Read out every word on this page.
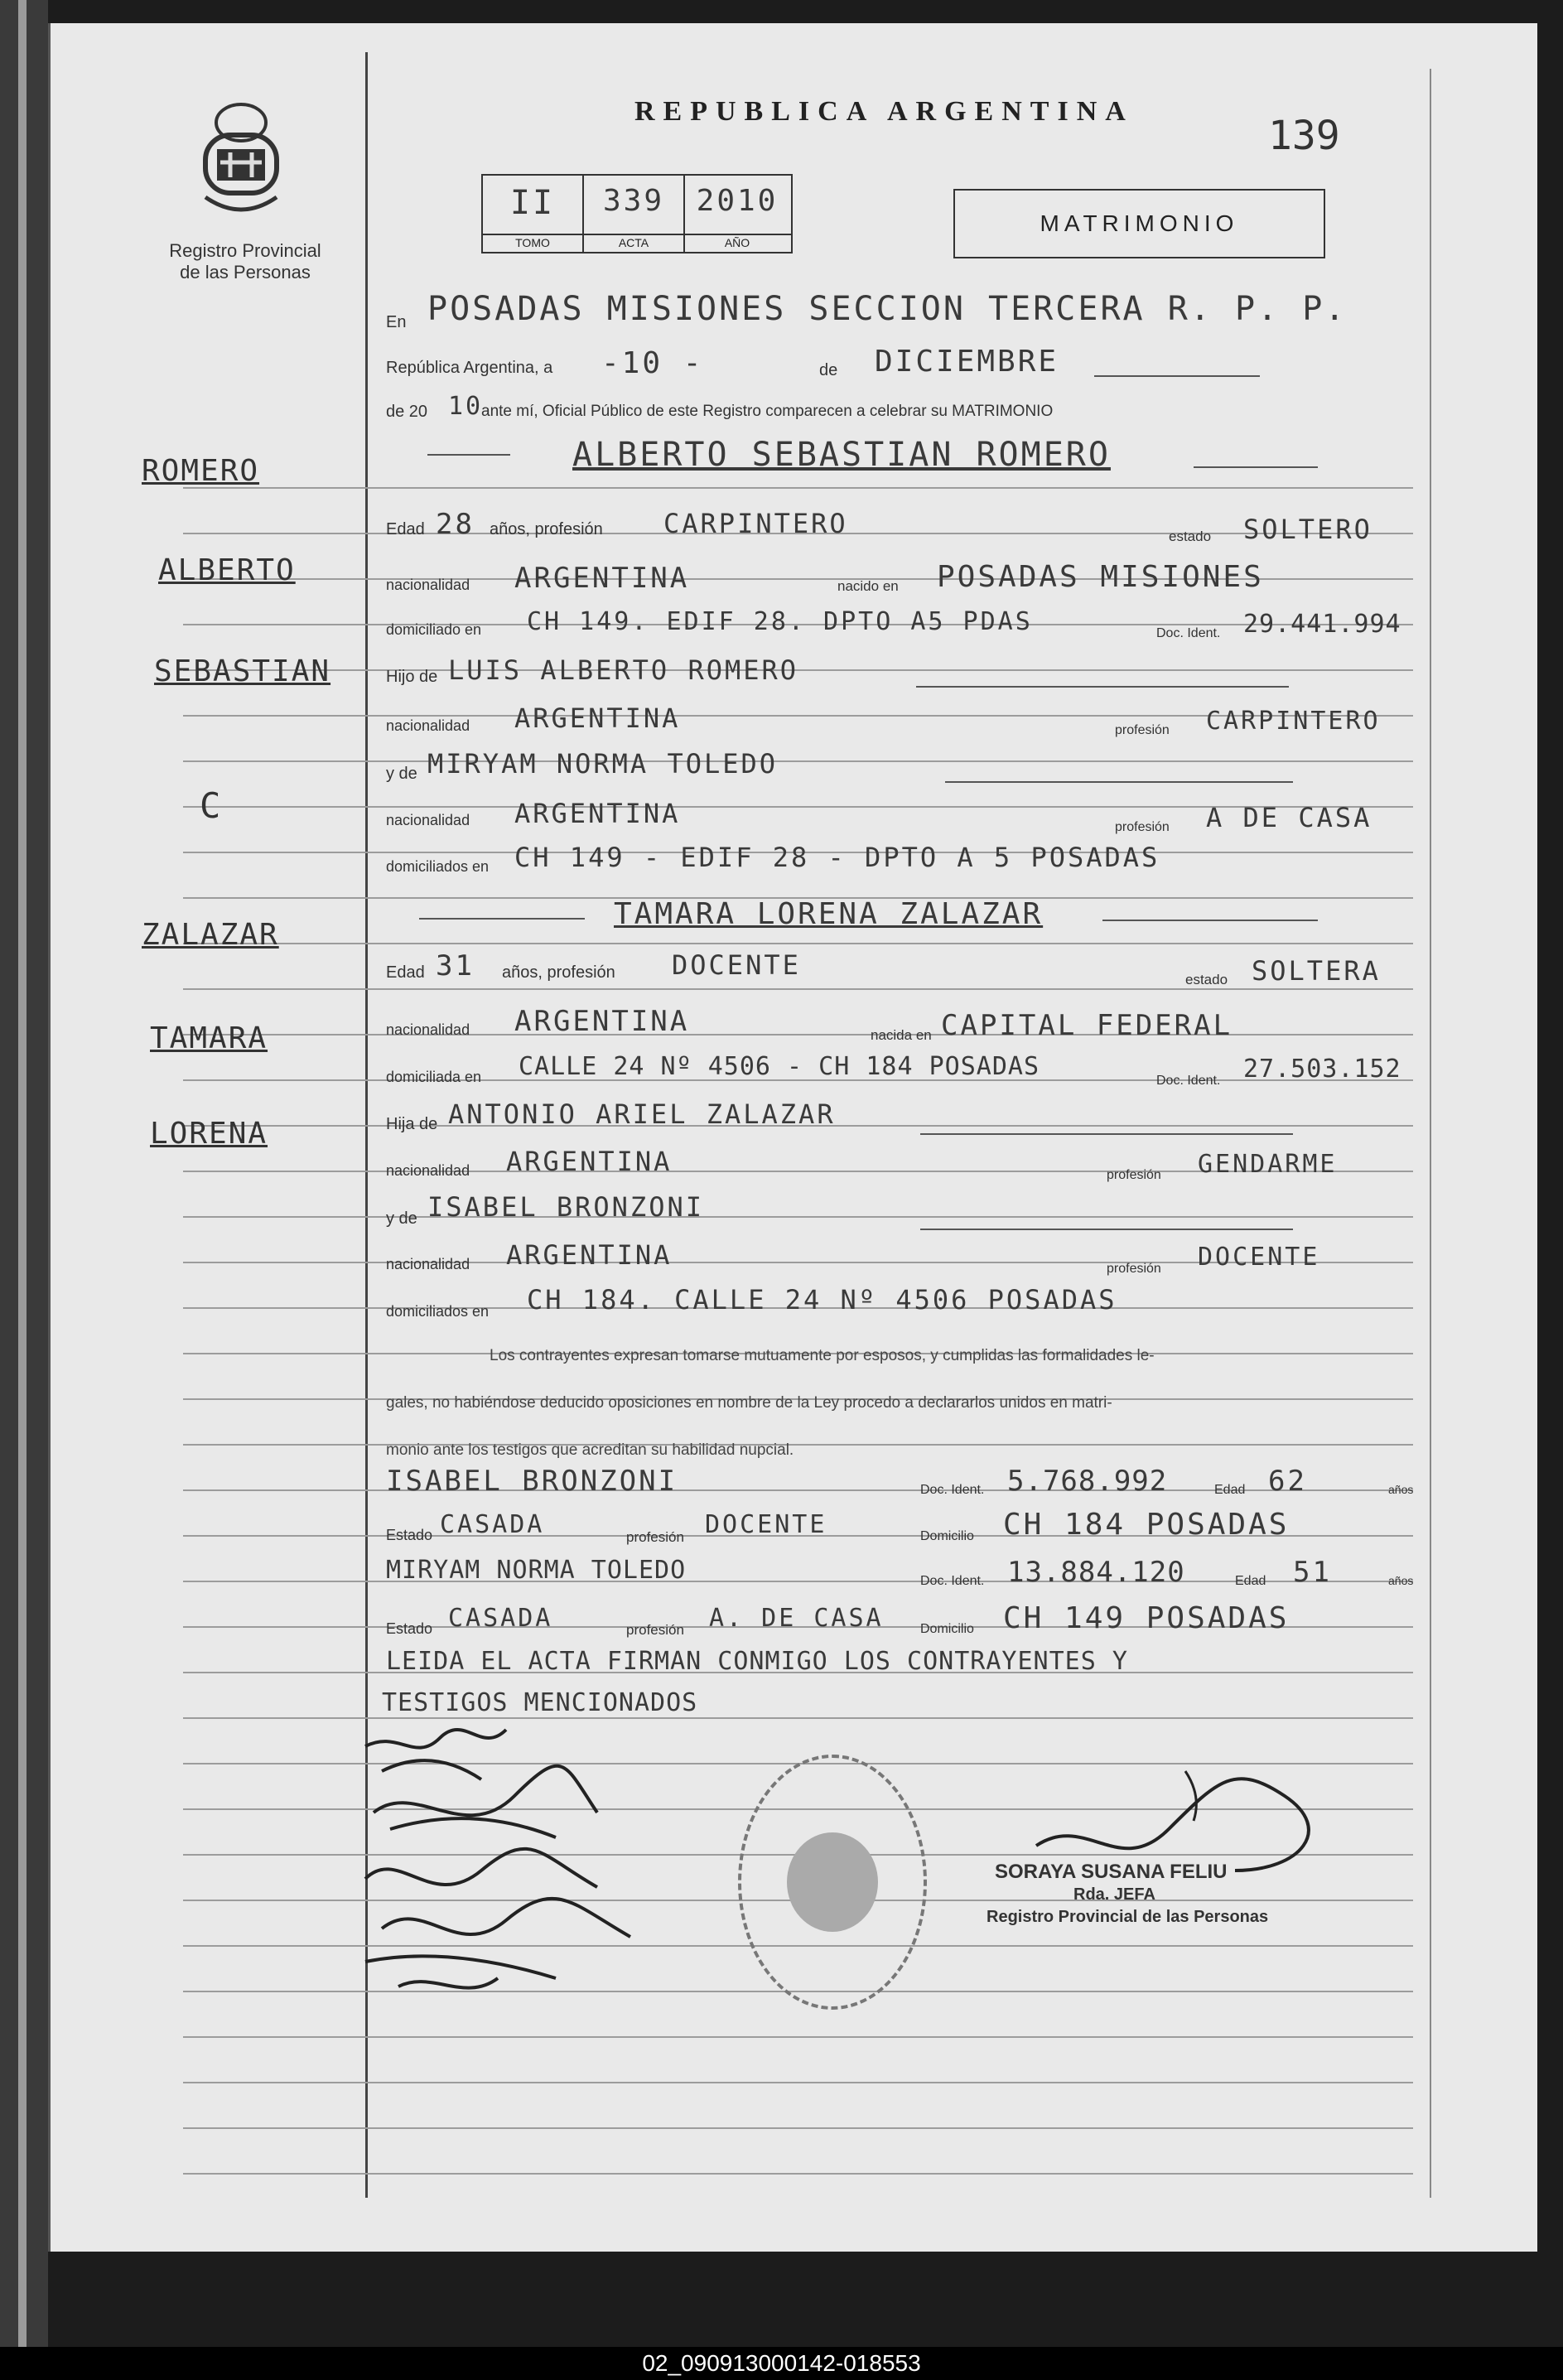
Registro Provincial
de las Personas
REPUBLICA ARGENTINA
139
II	339	2010
TOMO	ACTA	AÑO
MATRIMONIO
ROMERO
ALBERTO
SEBASTIAN
C
ZALAZAR
TAMARA
LORENA
En POSADAS MISIONES SECCION TERCERA R. P. P.
República Argentina, a -10 -	de DICIEMBRE
de 20 10
ante mí, Oficial Público de este Registro comparecen a celebrar su MATRIMONIO
ALBERTO SEBASTIAN ROMERO
Edad 28 años, profesión CARPINTERO	estado SOLTERO
nacionalidad ARGENTINA	nacido en POSADAS MISIONES
domiciliado en CH 149. EDIF 28. DPTO A5 PDAS	Doc. Ident. 29.441.994
Hijo de LUIS ALBERTO ROMERO
nacionalidad ARGENTINA	profesión CARPINTERO
y de MIRYAM NORMA TOLEDO
nacionalidad ARGENTINA	profesión A DE CASA
domiciliados en CH 149 - EDIF 28 - DPTO A 5 POSADAS
TAMARA LORENA ZALAZAR
Edad 31 años, profesión DOCENTE	estado SOLTERA
nacionalidad ARGENTINA	nacida en CAPITAL FEDERAL
domiciliada en CALLE 24 Nº 4506 - CH 184 POSADAS	Doc. Ident. 27.503.152
Hija de ANTONIO ARIEL ZALAZAR
nacionalidad ARGENTINA	profesión GENDARME
y de ISABEL BRONZONI
nacionalidad ARGENTINA	profesión DOCENTE
domiciliados en CH 184. CALLE 24 Nº 4506 POSADAS
Los contrayentes expresan tomarse mutuamente por esposos, y cumplidas las formalidades le-
gales, no habiéndose deducido oposiciones en nombre de la Ley procedo a declararlos unidos en matri-
monio ante los testigos que acreditan su habilidad nupcial.
ISABEL BRONZONI	Doc. Ident. 5.768.992	Edad 62	años
Estado CASADA	profesión DOCENTE	Domicilio CH 184 POSADAS
MIRYAM NORMA TOLEDO	Doc. Ident. 13.884.120	Edad 51	años
Estado CASADA	profesión A. DE CASA	Domicilio CH 149 POSADAS
LEIDA EL ACTA FIRMAN CONMIGO LOS CONTRAYENTES Y
TESTIGOS MENCIONADOS
SORAYA SUSANA FELIU
Rda. JEFA
Registro Provincial de las Personas
02_090913000142-018553
